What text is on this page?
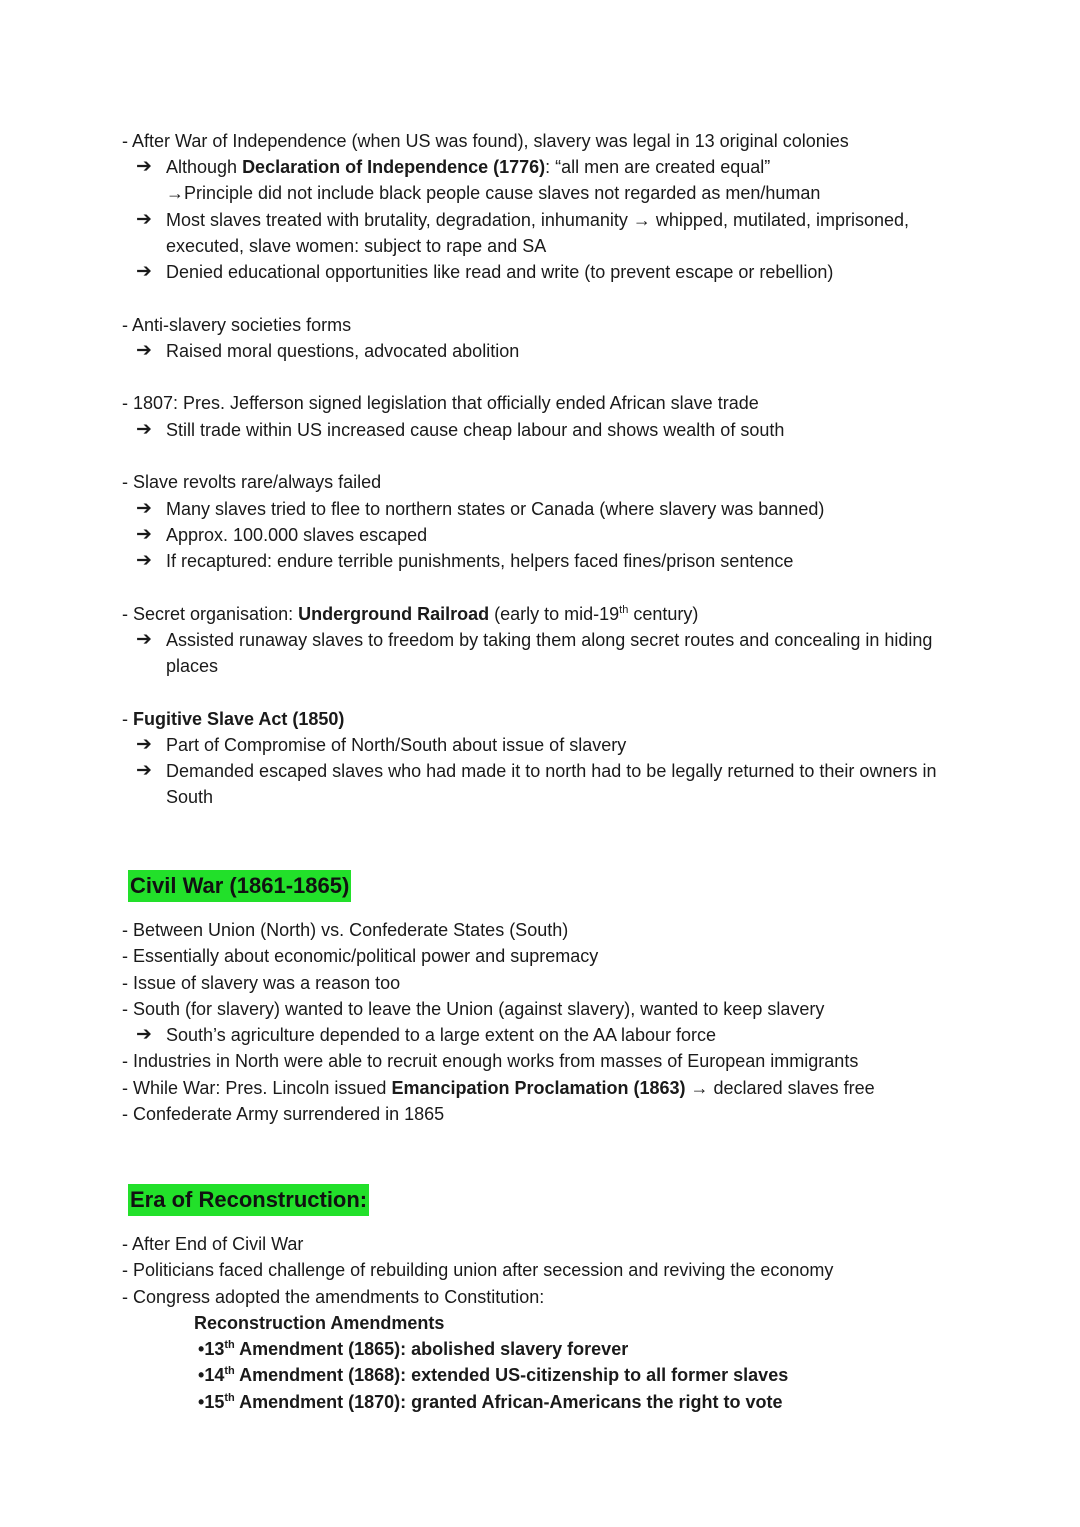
- After War of Independence (when US was found), slavery was legal in 13 original colonies
➔ Although Declaration of Independence (1776): “all men are created equal”
→Principle did not include black people cause slaves not regarded as men/human
➔ Most slaves treated with brutality, degradation, inhumanity → whipped, mutilated, imprisoned, executed, slave women: subject to rape and SA
➔ Denied educational opportunities like read and write (to prevent escape or rebellion)
- Anti-slavery societies forms
➔ Raised moral questions, advocated abolition
- 1807: Pres. Jefferson signed legislation that officially ended African slave trade
➔ Still trade within US increased cause cheap labour and shows wealth of south
- Slave revolts rare/always failed
➔ Many slaves tried to flee to northern states or Canada (where slavery was banned)
➔ Approx. 100.000 slaves escaped
➔ If recaptured: endure terrible punishments, helpers faced fines/prison sentence
- Secret organisation: Underground Railroad (early to mid-19th century)
➔ Assisted runaway slaves to freedom by taking them along secret routes and concealing in hiding places
- Fugitive Slave Act (1850)
➔ Part of Compromise of North/South about issue of slavery
➔ Demanded escaped slaves who had made it to north had to be legally returned to their owners in South
Civil War (1861-1865)
- Between Union (North) vs. Confederate States (South)
- Essentially about economic/political power and supremacy
- Issue of slavery was a reason too
- South (for slavery) wanted to leave the Union (against slavery), wanted to keep slavery
➔ South’s agriculture depended to a large extent on the AA labour force
- Industries in North were able to recruit enough works from masses of European immigrants
- While War: Pres. Lincoln issued Emancipation Proclamation (1863) → declared slaves free
- Confederate Army surrendered in 1865
Era of Reconstruction:
- After End of Civil War
- Politicians faced challenge of rebuilding union after secession and reviving the economy
- Congress adopted the amendments to Constitution:
Reconstruction Amendments
•13th Amendment (1865): abolished slavery forever
•14th Amendment (1868): extended US-citizenship to all former slaves
•15th Amendment (1870): granted African-Americans the right to vote
